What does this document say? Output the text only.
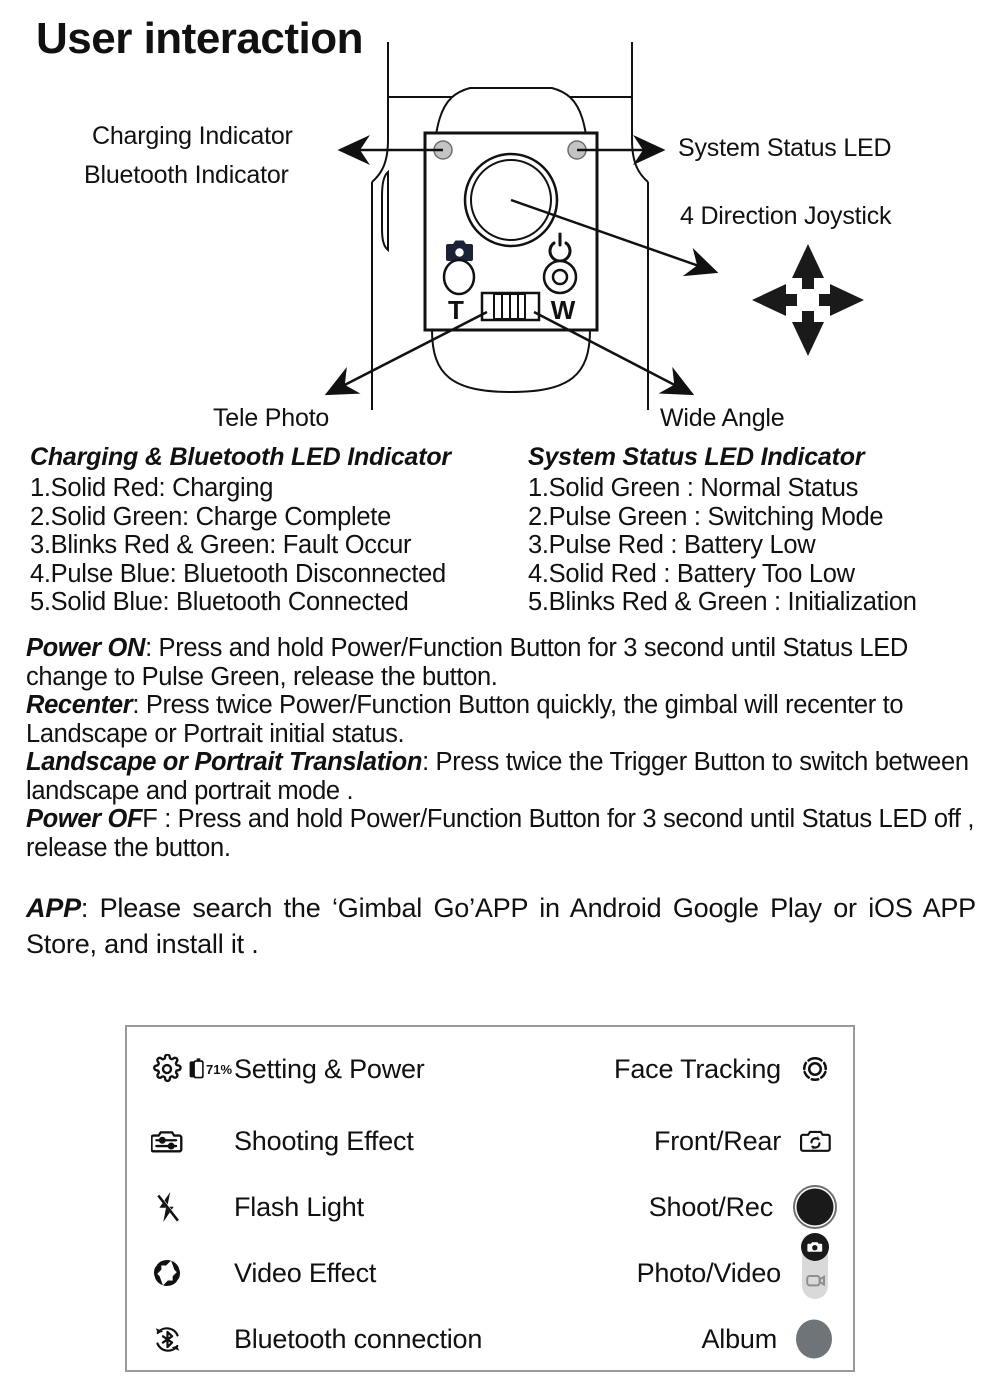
User interaction
T	W
Charging Indicator
Bluetooth Indicator
System Status LED
4 Direction Joystick
Tele Photo	Wide Angle
Charging & Bluetooth LED Indicator
1.Solid Red: Charging
2.Solid Green: Charge Complete
3.Blinks Red & Green: Fault Occur
4.Pulse Blue: Bluetooth Disconnected
5.Solid Blue: Bluetooth Connected
System Status LED Indicator
1.Solid Green : Normal Status
2.Pulse Green : Switching Mode
3.Pulse Red : Battery Low
4.Solid Red : Battery Too Low
5.Blinks Red & Green : Initialization

Power ON: Press and hold Power/Function Button for 3 second until Status LED change to Pulse Green, release the button.

Recenter: Press twice Power/Function Button quickly, the gimbal will recenter to Landscape or Portrait initial status.

Landscape or Portrait Translation: Press twice the Trigger Button to switch between landscape and portrait mode .

Power OFF : Press and hold Power/Function Button for 3 second until Status LED off , release the button.

APP: Please search the ‘Gimbal Go’APP in Android Google Play or iOS APP Store, and install it .

71% Setting & Power	Face Tracking
Shooting Effect	Front/Rear
Flash Light	Shoot/Rec
Video Effect	Photo/Video
Bluetooth connection	Album
